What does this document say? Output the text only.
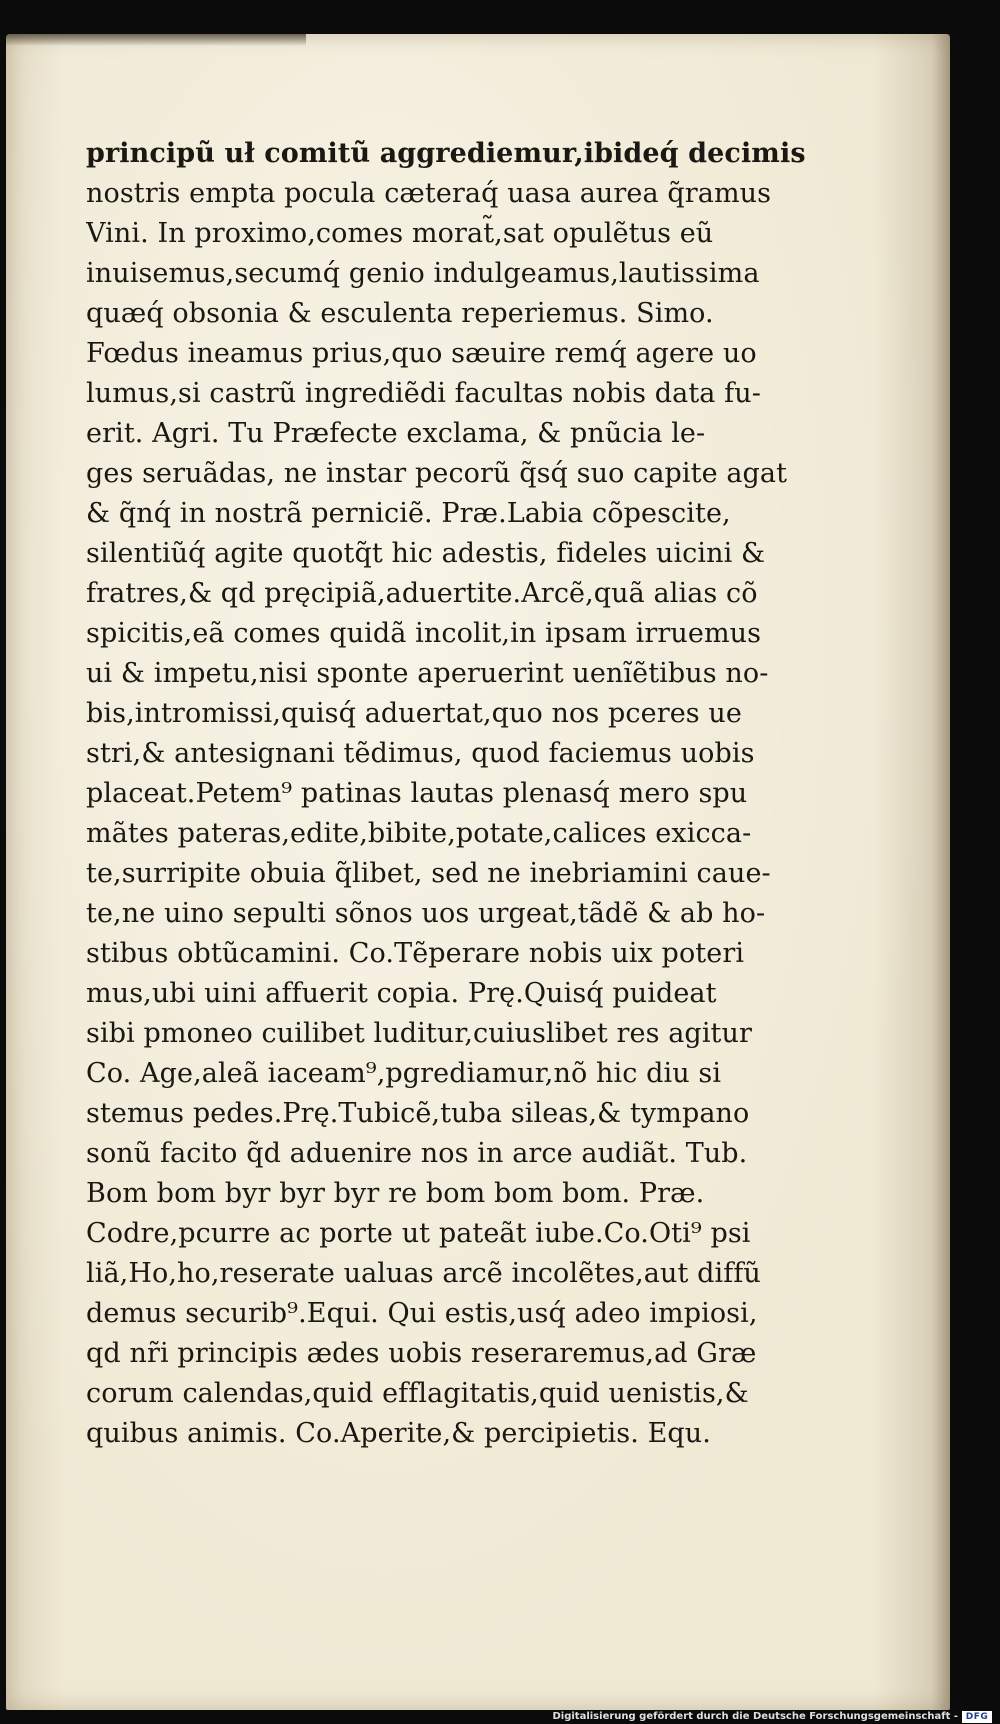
principũ uł comitũ aggrediemur,ibideq́ decimis
nostris empta pocula cæteraq́ uasa aurea q̃ramus
Vini. In proximo,comes morat̃,sat opulẽtus eũ
inuisemus,secumq́ genio indulgeamus,lautissima
quæq́ obsonia & esculenta reperiemus. Simo.
Fœdus ineamus prius,quo sæuire remq́ agere uo
lumus,si castrũ ingrediẽdi facultas nobis data fu-
erit. Agri. Tu Præfecte exclama, & pnũcia le-
ges seruãdas, ne instar pecorũ q̃sq́ suo capite agat
& q̃nq́ in nostrã perniciẽ. Præ.Labia cõpescite,
silentiũq́ agite quotq̃t hic adestis, fideles uicini &
fratres,& qd pręcipiã,aduertite.Arcẽ,quã alias cõ
spicitis,eã comes quidã incolit,in ipsam irruemus
ui & impetu,nisi sponte aperuerint uenĩẽtibus no-
bis,intromissi,quisq́ aduertat,quo nos pceres ue
stri,& antesignani tẽdimus, quod faciemus uobis
placeat.Petem⁹ patinas lautas plenasq́ mero spu
mãtes pateras,edite,bibite,potate,calices exicca-
te,surripite obuia q̃libet, sed ne inebriamini caue-
te,ne uino sepulti sõnos uos urgeat,tãdẽ & ab ho-
stibus obtũcamini. Co.Tẽperare nobis uix poteri
mus,ubi uini affuerit copia. Prę.Quisq́ puideat
sibi pmoneo cuilibet luditur,cuiuslibet res agitur
Co. Age,aleã iaceam⁹,pgrediamur,nõ hic diu si
stemus pedes.Prę.Tubicẽ,tuba sileas,& tympano
sonũ facito q̃d aduenire nos in arce audiãt. Tub.
Bom bom byr byr byr re bom bom bom. Præ.
Codre,pcurre ac porte ut pateãt iube.Co.Oti⁹ psi
liã,Ho,ho,reserate ualuas arcẽ incolẽtes,aut diffũ
demus securib⁹.Equi. Qui estis,usq́ adeo impiosi,
qd nr̃i principis ædes uobis reseraremus,ad Græ
corum calendas,quid efflagitatis,quid uenistis,&
quibus animis. Co.Aperite,& percipietis. Equ.
Digitalisierung gefördert durch die Deutsche Forschungsgemeinschaft - DFG
